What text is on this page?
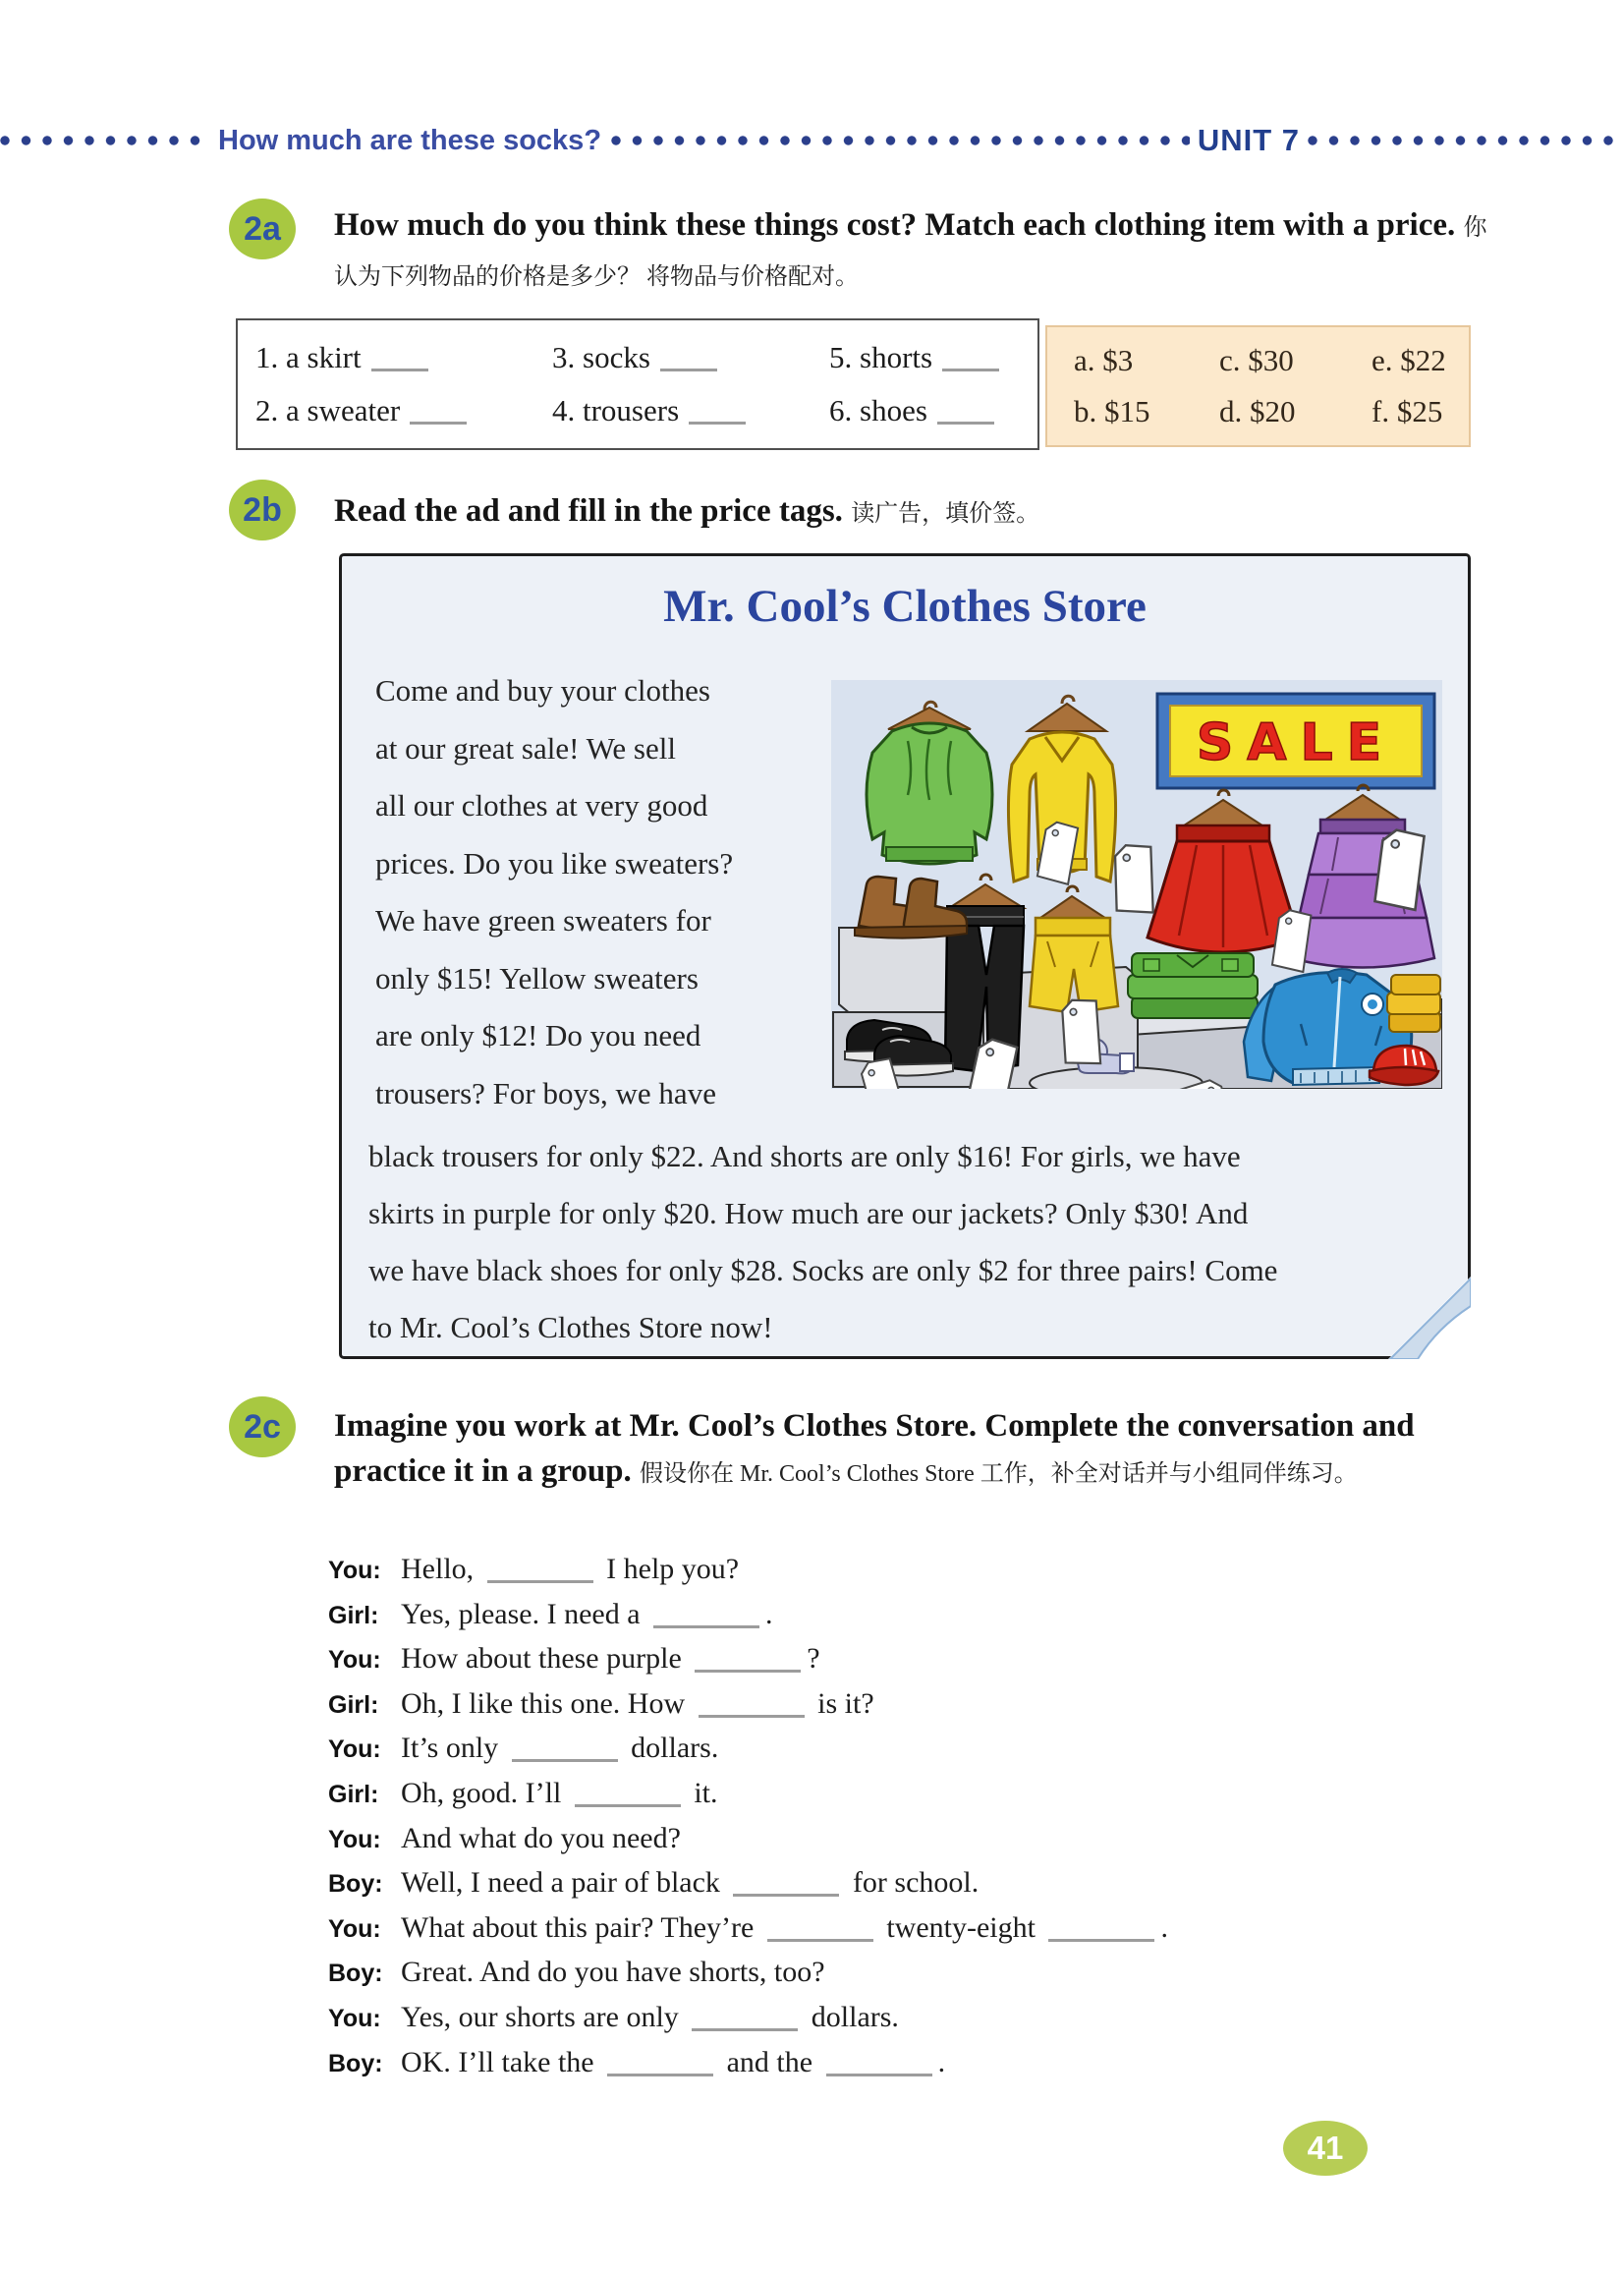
How much are these socks?	UNIT 7
2a	How much do you think these things cost? Match each clothing item with a price. 你认为下列物品的价格是多少？ 将物品与价格配对。

1. a skirt	3. socks	5. shorts
2. a sweater	4. trousers	6. shoes
a. $3	c. $30	e. $22
b. $15	d. $20	f. $25
2b	Read the ad and fill in the price tags. 读广告，填价签。

Mr. Cool’s Clothes Store
Come and buy your clothes
at our great sale! We sell
all our clothes at very good
prices. Do you like sweaters?
We have green sweaters for
only $15! Yellow sweaters
are only $12! Do you need
trousers? For boys, we have
SALE
black trousers for only $22. And shorts are only $16! For girls, we have
skirts in purple for only $20. How much are our jackets? Only $30! And
we have black shoes for only $28. Socks are only $2 for three pairs! Come
to Mr. Cool’s Clothes Store now!
2c	Imagine you work at Mr. Cool’s Clothes Store. Complete the conversation and practice it in a group. 假设你在 Mr. Cool’s Clothes Store 工作，补全对话并与小组同伴练习。

You: Hello,	I help you?
Girl: Yes, please. I need a	.
You: How about these purple	?
Girl: Oh, I like this one. How	is it?
You: It’s only	dollars.
Girl: Oh, good. I’ll	it.
You: And what do you need?
Boy: Well, I need a pair of black	for school.
You: What about this pair? They’re	twenty-eight	.
Boy: Great. And do you have shorts, too?
You: Yes, our shorts are only	dollars.
Boy: OK. I’ll take the	and the	.
41
